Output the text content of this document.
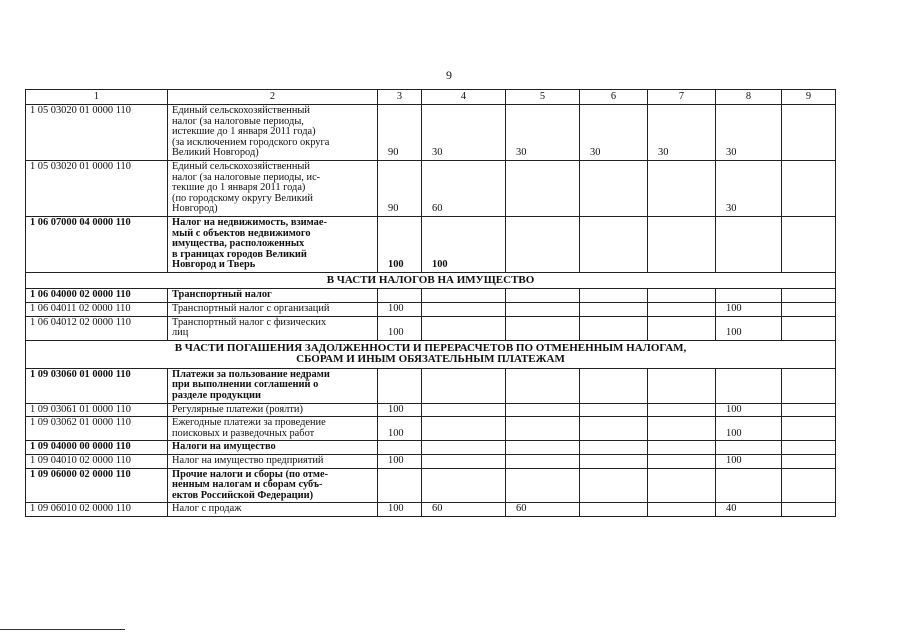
9
1	2	3	4	5	6	7	8	9
1 05 03020 01 0000 110	Единый сельскохозяйственный
налог (за налоговые периоды,
истекшие до 1 января 2011 года)
(за исключением городского округа
Великий Новгород)	90	30	30	30	30	30	
1 05 03020 01 0000 110	Единый сельскохозяйственный
налог (за налоговые периоды, ис-
текшие до 1 января 2011 года)
(по городскому округу Великий
Новгород)	90	60				30	
1 06 07000 04 0000 110	Налог на недвижимость, взимае-
мый с объектов недвижимого
имущества, расположенных
в границах городов Великий
Новгород и Тверь	100	100					

В ЧАСТИ НАЛОГОВ НА ИМУЩЕСТВО								

1 06 04000 02 0000 110	Транспортный налог							

1 06 04011 02 0000 110	Транспортный налог с организаций	100					100	
1 06 04012 02 0000 110	Транспортный налог с физических
лиц	100					100	

В ЧАСТИ ПОГАШЕНИЯ ЗАДОЛЖЕННОСТИ И ПЕРЕРАСЧЕТОВ ПО ОТМЕНЕННЫМ НАЛОГАМ,
СБОРАМ И ИНЫМ ОБЯЗАТЕЛЬНЫМ ПЛАТЕЖАМ								

1 09 03060 01 0000 110	Платежи за пользование недрами
при выполнении соглашений о
разделе продукции							

1 09 03061 01 0000 110	Регулярные платежи (роялти)	100					100	
1 09 03062 01 0000 110	Ежегодные платежи за проведение
поисковых и разведочных работ	100					100	
1 09 04000 00 0000 110	Налоги на имущество							

1 09 04010 02 0000 110	Налог на имущество предприятий	100					100	
1 09 06000 02 0000 110	Прочие налоги и сборы (по отме-
ненным налогам и сборам субъ-
ектов Российской Федерации)							

1 09 06010 02 0000 110	Налог с продаж	100	60	60			40	
